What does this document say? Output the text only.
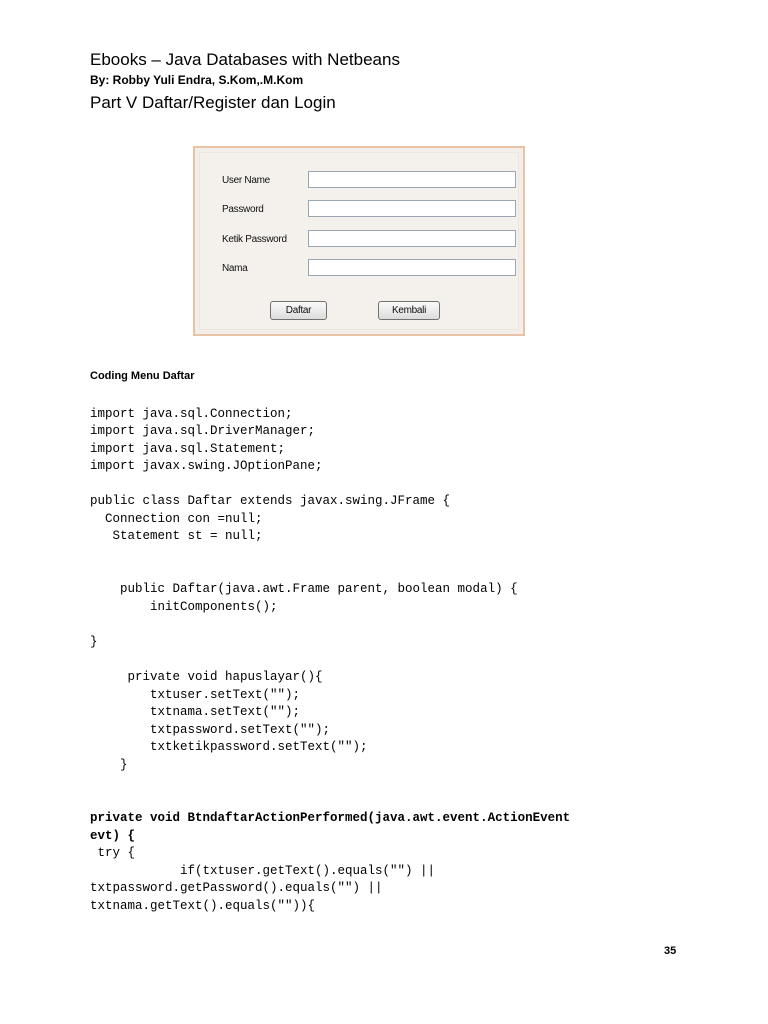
Ebooks – Java Databases with Netbeans
By: Robby Yuli Endra, S.Kom,.M.Kom
Part V Daftar/Register dan Login
User Name
Password
Ketik Password
Nama
Daftar	Kembali
Coding Menu Daftar
import java.sql.Connection;
import java.sql.DriverManager;
import java.sql.Statement;
import javax.swing.JOptionPane;
public class Daftar extends javax.swing.JFrame {
Connection con =null;
Statement st = null;
public Daftar(java.awt.Frame parent, boolean modal) {
initComponents();
}
private void hapuslayar(){
txtuser.setText("");
txtnama.setText("");
txtpassword.setText("");
txtketikpassword.setText("");
}
private void BtndaftarActionPerformed(java.awt.event.ActionEvent
evt) {
try {
if(txtuser.getText().equals("") ||
txtpassword.getPassword().equals("") ||
txtnama.getText().equals("")){
35
